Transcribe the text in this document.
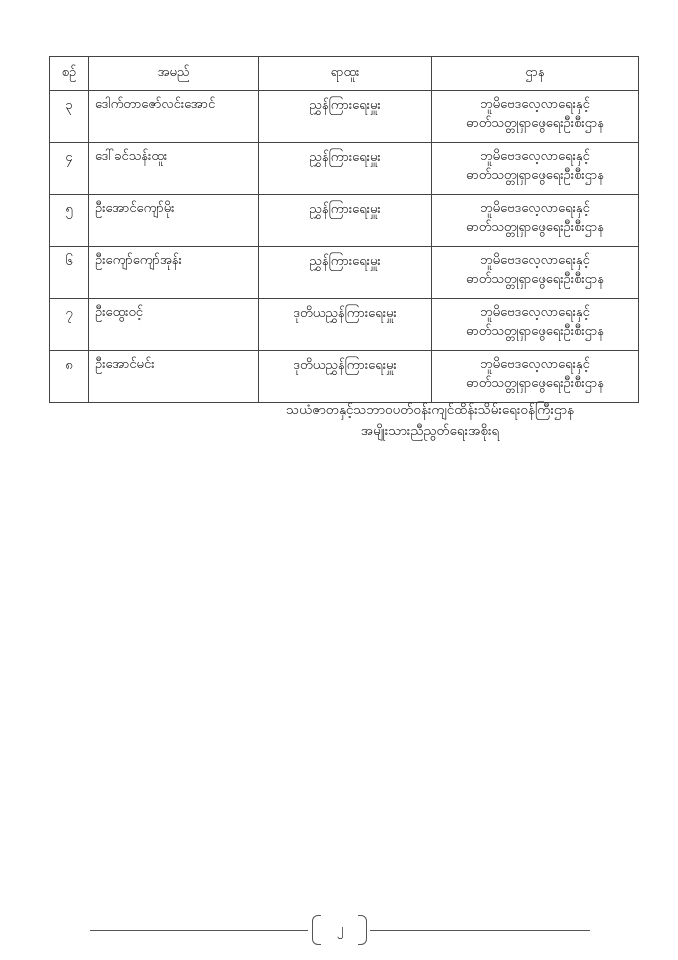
စဉ်	အမည်	ရာထူး	ဌာန
၃	ဒေါက်တာဇော်လင်းအောင်	ညွှန်ကြားရေးမှူး	ဘူမိဗေဒလေ့လာရေးနှင့်
ဓာတ်သတ္တုရှာဖွေရေးဦးစီးဌာန

၄	ဒေါ်ခင်သန်းထူး	ညွှန်ကြားရေးမှူး	ဘူမိဗေဒလေ့လာရေးနှင့်
ဓာတ်သတ္တုရှာဖွေရေးဦးစီးဌာန

၅	ဦးအောင်ကျော်မိုး	ညွှန်ကြားရေးမှူး	ဘူမိဗေဒလေ့လာရေးနှင့်
ဓာတ်သတ္တုရှာဖွေရေးဦးစီးဌာန

၆	ဦးကျော်ကျော်အုန်း	ညွှန်ကြားရေးမှူး	ဘူမိဗေဒလေ့လာရေးနှင့်
ဓာတ်သတ္တုရှာဖွေရေးဦးစီးဌာန

၇	ဦးထွေးဝင့်	ဒုတိယညွှန်ကြားရေးမှူး	ဘူမိဗေဒလေ့လာရေးနှင့်
ဓာတ်သတ္တုရှာဖွေရေးဦးစီးဌာန

၈	ဦးအောင်မင်း	ဒုတိယညွှန်ကြားရေးမှူး	ဘူမိဗေဒလေ့လာရေးနှင့်
ဓာတ်သတ္တုရှာဖွေရေးဦးစီးဌာန
သယံဇာတနှင့်သဘာဝပတ်ဝန်းကျင်ထိန်းသိမ်းရေးဝန်ကြီးဌာန
အမျိုးသားညီညွတ်ရေးအစိုးရ
၂
